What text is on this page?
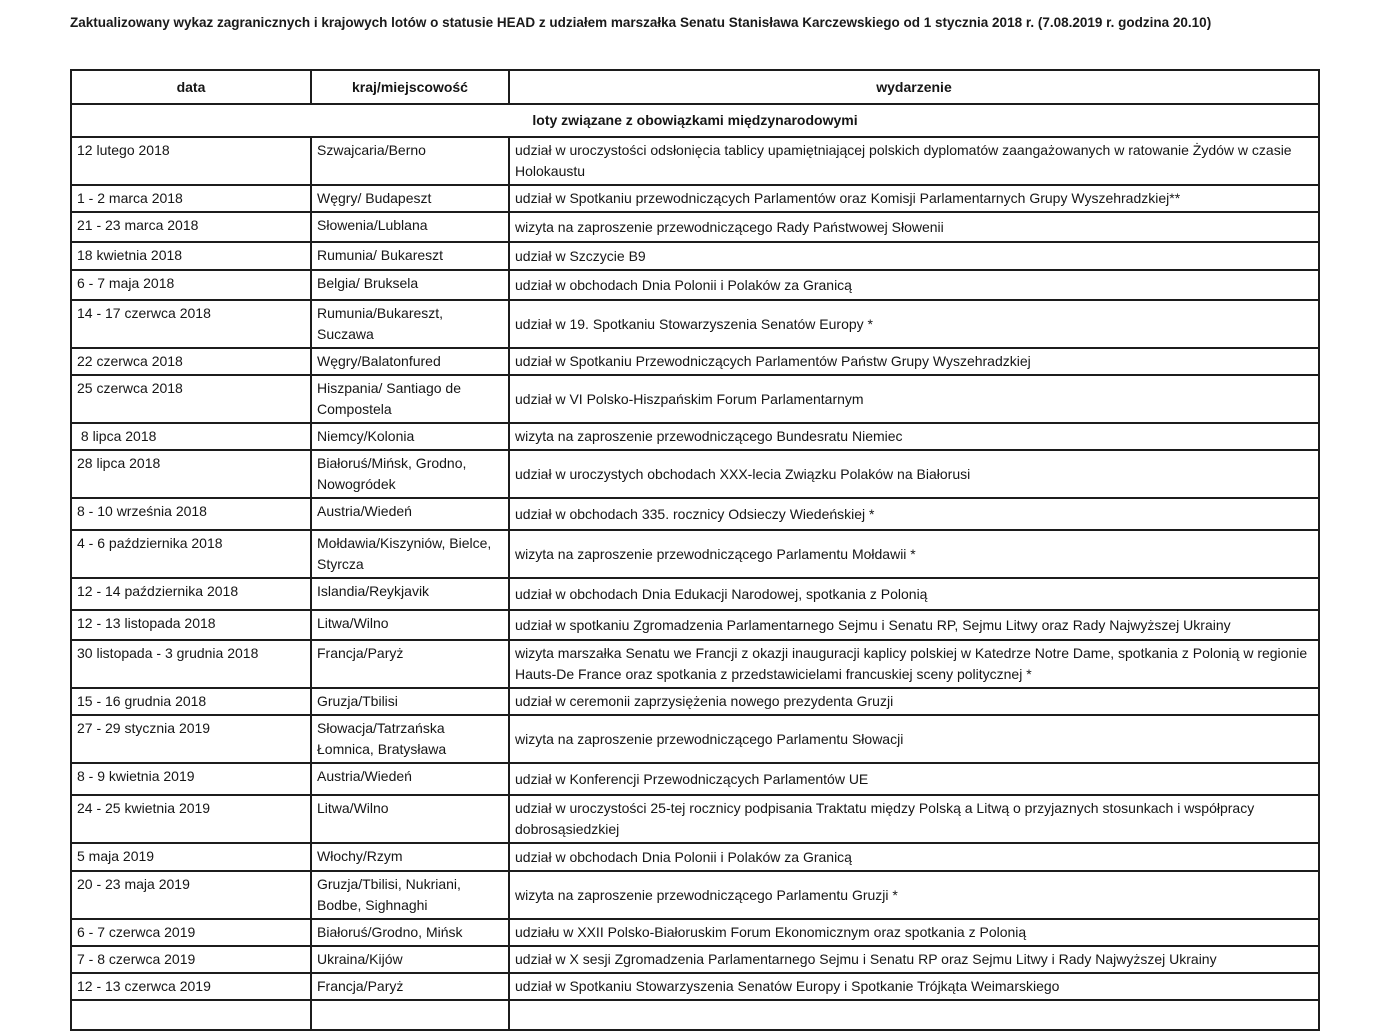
Zaktualizowany wykaz zagranicznych i krajowych lotów o statusie HEAD z udziałem marszałka Senatu Stanisława Karczewskiego od 1 stycznia 2018 r. (7.08.2019 r. godzina 20.10)
data	kraj/miejscowość	wydarzenie
loty związane z obowiązkami międzynarodowymi		
12 lutego 2018	Szwajcaria/Berno	udział w uroczystości odsłonięcia tablicy upamiętniającej polskich dyplomatów zaangażowanych w ratowanie Żydów w czasie Holokaustu
1 - 2 marca 2018	Węgry/ Budapeszt	udział w Spotkaniu przewodniczących Parlamentów oraz Komisji Parlamentarnych Grupy Wyszehradzkiej**
21 - 23 marca 2018	Słowenia/Lublana	wizyta na zaproszenie przewodniczącego Rady Państwowej Słowenii
18 kwietnia 2018	Rumunia/ Bukareszt	udział w Szczycie B9
6 - 7 maja 2018	Belgia/ Bruksela	udział w obchodach Dnia Polonii i Polaków za Granicą
14 - 17 czerwca 2018	Rumunia/Bukareszt, Suczawa	udział w 19. Spotkaniu Stowarzyszenia Senatów Europy *
22 czerwca 2018	Węgry/Balatonfured	udział w Spotkaniu Przewodniczących Parlamentów Państw Grupy Wyszehradzkiej
25 czerwca 2018	Hiszpania/ Santiago de Compostela	udział w VI Polsko-Hiszpańskim Forum Parlamentarnym
8 lipca 2018	Niemcy/Kolonia	wizyta na zaproszenie przewodniczącego Bundesratu Niemiec
28 lipca 2018	Białoruś/Mińsk, Grodno, Nowogródek	udział w uroczystych obchodach XXX-lecia Związku Polaków na Białorusi
8 - 10 września 2018	Austria/Wiedeń	udział w obchodach 335. rocznicy Odsieczy Wiedeńskiej *
4 - 6 października 2018	Mołdawia/Kiszyniów, Bielce, Styrcza	wizyta na zaproszenie przewodniczącego Parlamentu Mołdawii *
12 - 14 października 2018	Islandia/Reykjavik	udział w obchodach Dnia Edukacji Narodowej, spotkania z Polonią
12 - 13 listopada 2018	Litwa/Wilno	udział w spotkaniu Zgromadzenia Parlamentarnego Sejmu i Senatu RP, Sejmu Litwy oraz Rady Najwyższej Ukrainy
30 listopada - 3 grudnia 2018	Francja/Paryż	wizyta marszałka Senatu we Francji z okazji inauguracji kaplicy polskiej w Katedrze Notre Dame, spotkania z Polonią w regionie Hauts-De France oraz spotkania z przedstawicielami francuskiej sceny politycznej *
15 - 16 grudnia 2018	Gruzja/Tbilisi	udział w ceremonii zaprzysiężenia nowego prezydenta Gruzji
27 - 29 stycznia 2019	Słowacja/Tatrzańska Łomnica, Bratysława	wizyta na zaproszenie przewodniczącego Parlamentu Słowacji
8 - 9 kwietnia 2019	Austria/Wiedeń	udział w Konferencji Przewodniczących Parlamentów UE
24 - 25 kwietnia 2019	Litwa/Wilno	udział w uroczystości 25-tej rocznicy podpisania Traktatu między Polską a Litwą o przyjaznych stosunkach i współpracy dobrosąsiedzkiej
5 maja 2019	Włochy/Rzym	udział w obchodach Dnia Polonii i Polaków za Granicą
20 - 23 maja 2019	Gruzja/Tbilisi, Nukriani, Bodbe, Sighnaghi	wizyta na zaproszenie przewodniczącego Parlamentu Gruzji *
6 - 7 czerwca 2019	Białoruś/Grodno, Mińsk	udziału w XXII Polsko-Białoruskim Forum Ekonomicznym oraz spotkania z Polonią
7 - 8 czerwca 2019	Ukraina/Kijów	udział w X sesji Zgromadzenia Parlamentarnego Sejmu i Senatu RP oraz Sejmu Litwy i Rady Najwyższej Ukrainy
12 - 13 czerwca 2019	Francja/Paryż	udział w Spotkaniu Stowarzyszenia Senatów Europy i Spotkanie Trójkąta Weimarskiego
